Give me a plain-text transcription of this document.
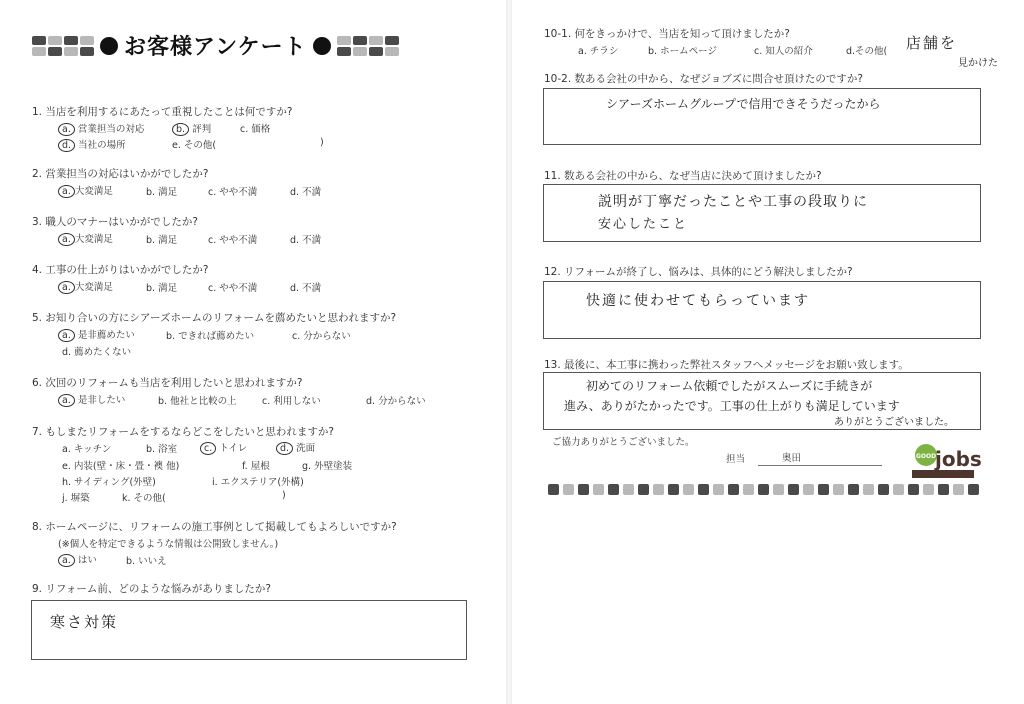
お客様アンケート
1. 当店を利用するにあたって重視したことは何ですか?
a. 営業担当の対応	b. 評判	c. 価格
d. 当社の場所	e. その他(	)
2. 営業担当の対応はいかがでしたか?
a. 大変満足	b. 満足	c. やや不満	d. 不満
3. 職人のマナーはいかがでしたか?
a. 大変満足	b. 満足	c. やや不満	d. 不満
4. 工事の仕上がりはいかがでしたか?
a. 大変満足	b. 満足	c. やや不満	d. 不満
5. お知り合いの方にシアーズホームのリフォームを薦めたいと思われますか?
a. 是非薦めたい	b. できれば薦めたい	c. 分からない
d. 薦めたくない
6. 次回のリフォームも当店を利用したいと思われますか?
a. 是非したい	b. 他社と比較の上	c. 利用しない	d. 分からない
7. もしまたリフォームをするならどこをしたいと思われますか?
a. キッチン	b. 浴室	c. トイレ	d. 洗面
e. 内装(壁・床・畳・襖 他)	f. 屋根	g. 外壁塗装
h. サイディング(外壁)	i. エクステリア(外構)
j. 塀築	k. その他(	)
8. ホームページに、リフォームの施工事例として掲載してもよろしいですか?
(※個人を特定できるような情報は公開致しません。)
a. はい	b. いいえ
9. リフォーム前、どのような悩みがありましたか?
寒さ対策
10-1. 何をきっかけで、当店を知って頂けましたか?
a. チラシ	b. ホームページ	c. 知人の紹介	d.その他( 店舗を
見かけた
10-2. 数ある会社の中から、なぜジョブズに問合せ頂けたのですか?
シアーズホームグループで信用できそうだったから
11. 数ある会社の中から、なぜ当店に決めて頂けましたか?
説明が丁寧だったことや工事の段取りに
安心したこと
12. リフォームが終了し、悩みは、具体的にどう解決しましたか?
快適に使わせてもらっています
13. 最後に、本工事に携わった弊社スタッフへメッセージをお願い致します。
初めてのリフォーム依頼でしたがスムーズに手続きが
進み、ありがたかったです。工事の仕上がりも満足しています
ありがとうございました。
ご協力ありがとうございました。
担当	奥田	GOOD
jobs
